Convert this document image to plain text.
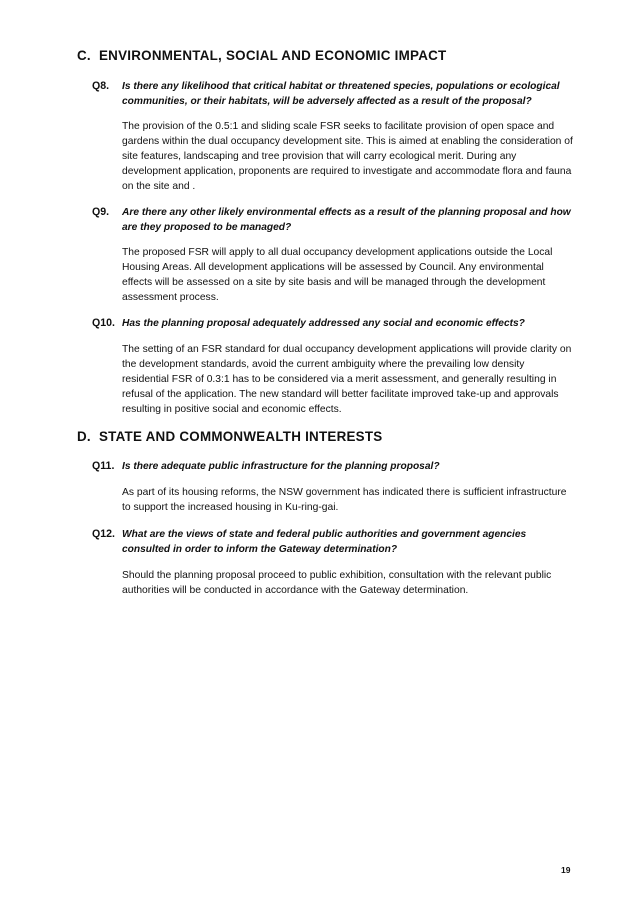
C. ENVIRONMENTAL, SOCIAL AND ECONOMIC IMPACT
Q8. Is there any likelihood that critical habitat or threatened species, populations or ecological communities, or their habitats, will be adversely affected as a result of the proposal?

The provision of the 0.5:1 and sliding scale FSR seeks to facilitate provision of open space and gardens within the dual occupancy development site. This is aimed at enabling the consideration of site features, landscaping and tree provision that will carry ecological merit. During any development application, proponents are required to investigate and accommodate flora and fauna on the site and .

Q9. Are there any other likely environmental effects as a result of the planning proposal and how are they proposed to be managed?

The proposed FSR will apply to all dual occupancy development applications outside the Local Housing Areas. All development applications will be assessed by Council. Any environmental effects will be assessed on a site by site basis and will be managed through the development assessment process.

Q10. Has the planning proposal adequately addressed any social and economic effects?

The setting of an FSR standard for dual occupancy development applications will provide clarity on the development standards, avoid the current ambiguity where the prevailing low density residential FSR of 0.3:1 has to be considered via a merit assessment, and generally resulting in refusal of the application. The new standard will better facilitate improved take-up and approvals resulting in positive social and economic effects.

D. STATE AND COMMONWEALTH INTERESTS
Q11. Is there adequate public infrastructure for the planning proposal?

As part of its housing reforms, the NSW government has indicated there is sufficient infrastructure to support the increased housing in Ku-ring-gai.

Q12. What are the views of state and federal public authorities and government agencies consulted in order to inform the Gateway determination?

Should the planning proposal proceed to public exhibition, consultation with the relevant public authorities will be conducted in accordance with the Gateway determination.

19
